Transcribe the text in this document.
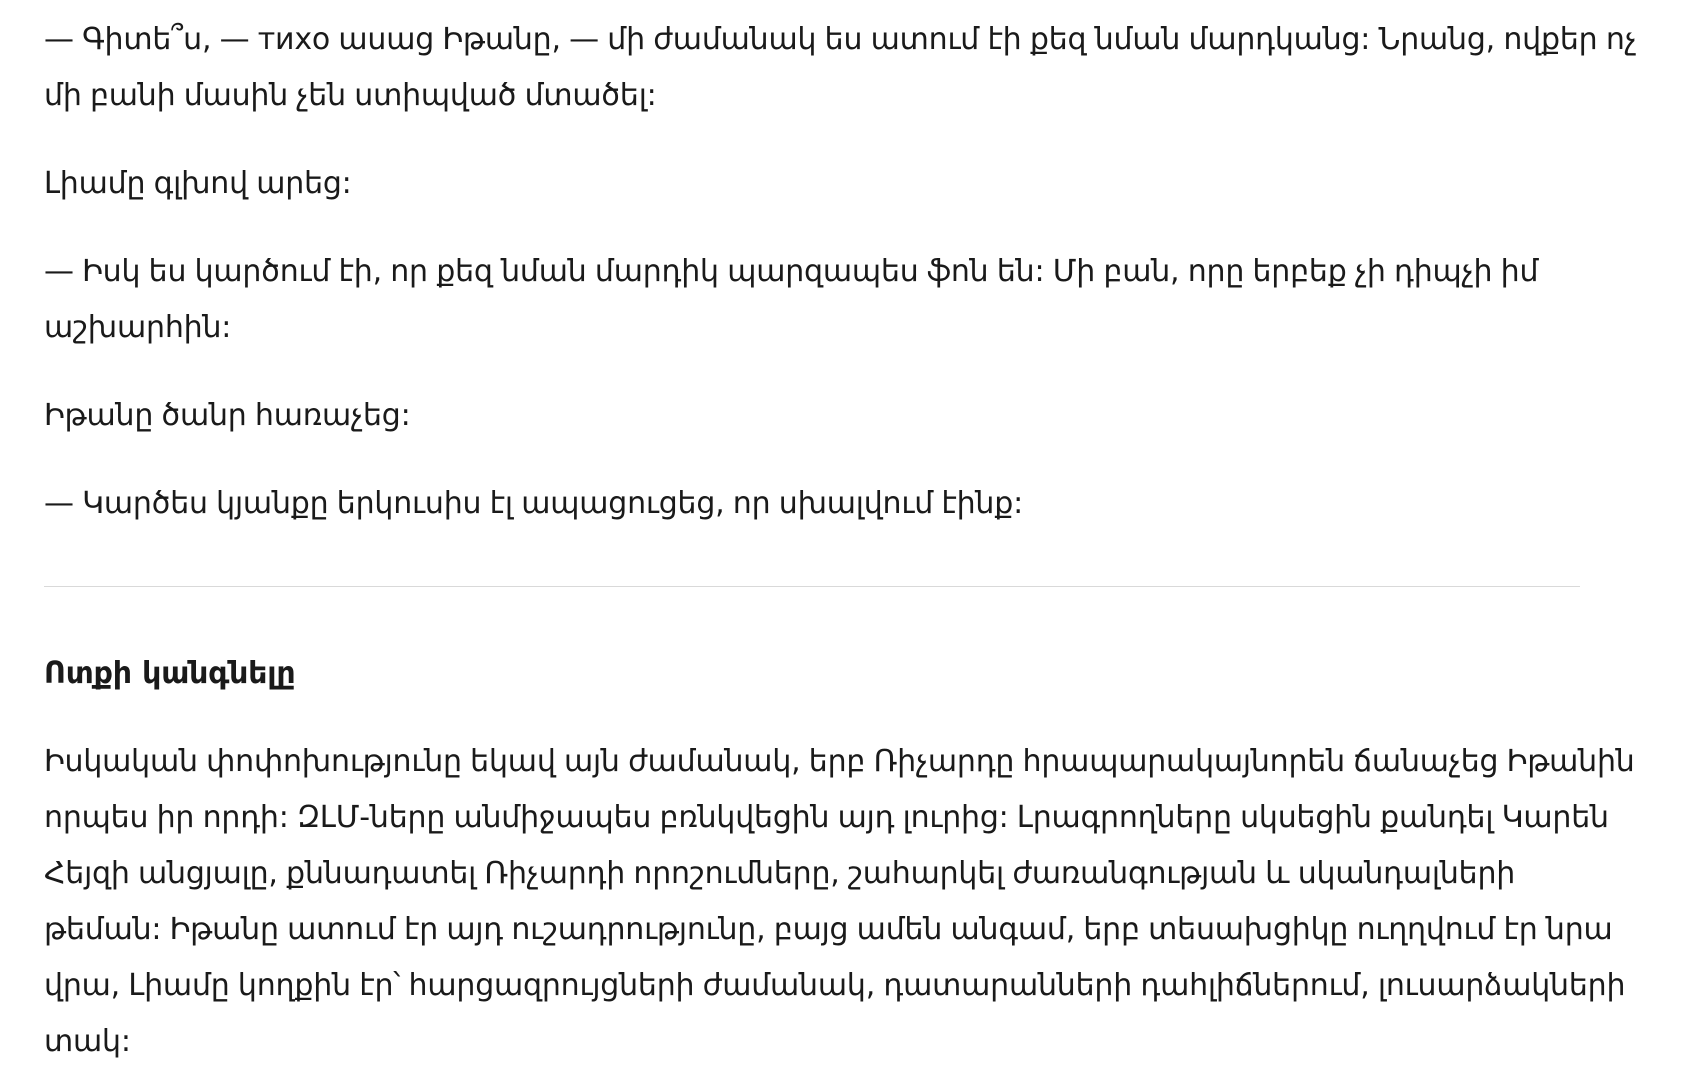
— Գիտե՞ս, — тихо ասաց Իթանը, — մի ժամանակ ես ատում էի քեզ նման մարդկանց: Նրանց, ովքեր ոչ
մի բանի մասին չեն ստիպված մտածել:

Լիամը գլխով արեց:

— Իսկ ես կարծում էի, որ քեզ նման մարդիկ պարզապես ֆոն են: Մի բան, որը երբեք չի դիպչի իմ
աշխարհին:

Իթանը ծանր հառաչեց:

— Կարծես կյանքը երկուսիս էլ ապացուցեց, որ սխալվում էինք:

Ոտքի կանգնելը

Իսկական փոփոխությունը եկավ այն ժամանակ, երբ Ռիչարդը հրապարակայնորեն ճանաչեց Իթանին
որպես իր որդի: ԶԼՄ-ները անմիջապես բռնկվեցին այդ լուրից: Լրագրողները սկսեցին քանդել Կարեն
Հեյզի անցյալը, քննադատել Ռիչարդի որոշումները, շահարկել ժառանգության և սկանդալների
թեման: Իթանը ատում էր այդ ուշադրությունը, բայց ամեն անգամ, երբ տեսախցիկը ուղղվում էր նրա
վրա, Լիամը կողքին էր՝ հարցազրույցների ժամանակ, դատարանների դահլիճներում, լուսարձակների
տակ:
